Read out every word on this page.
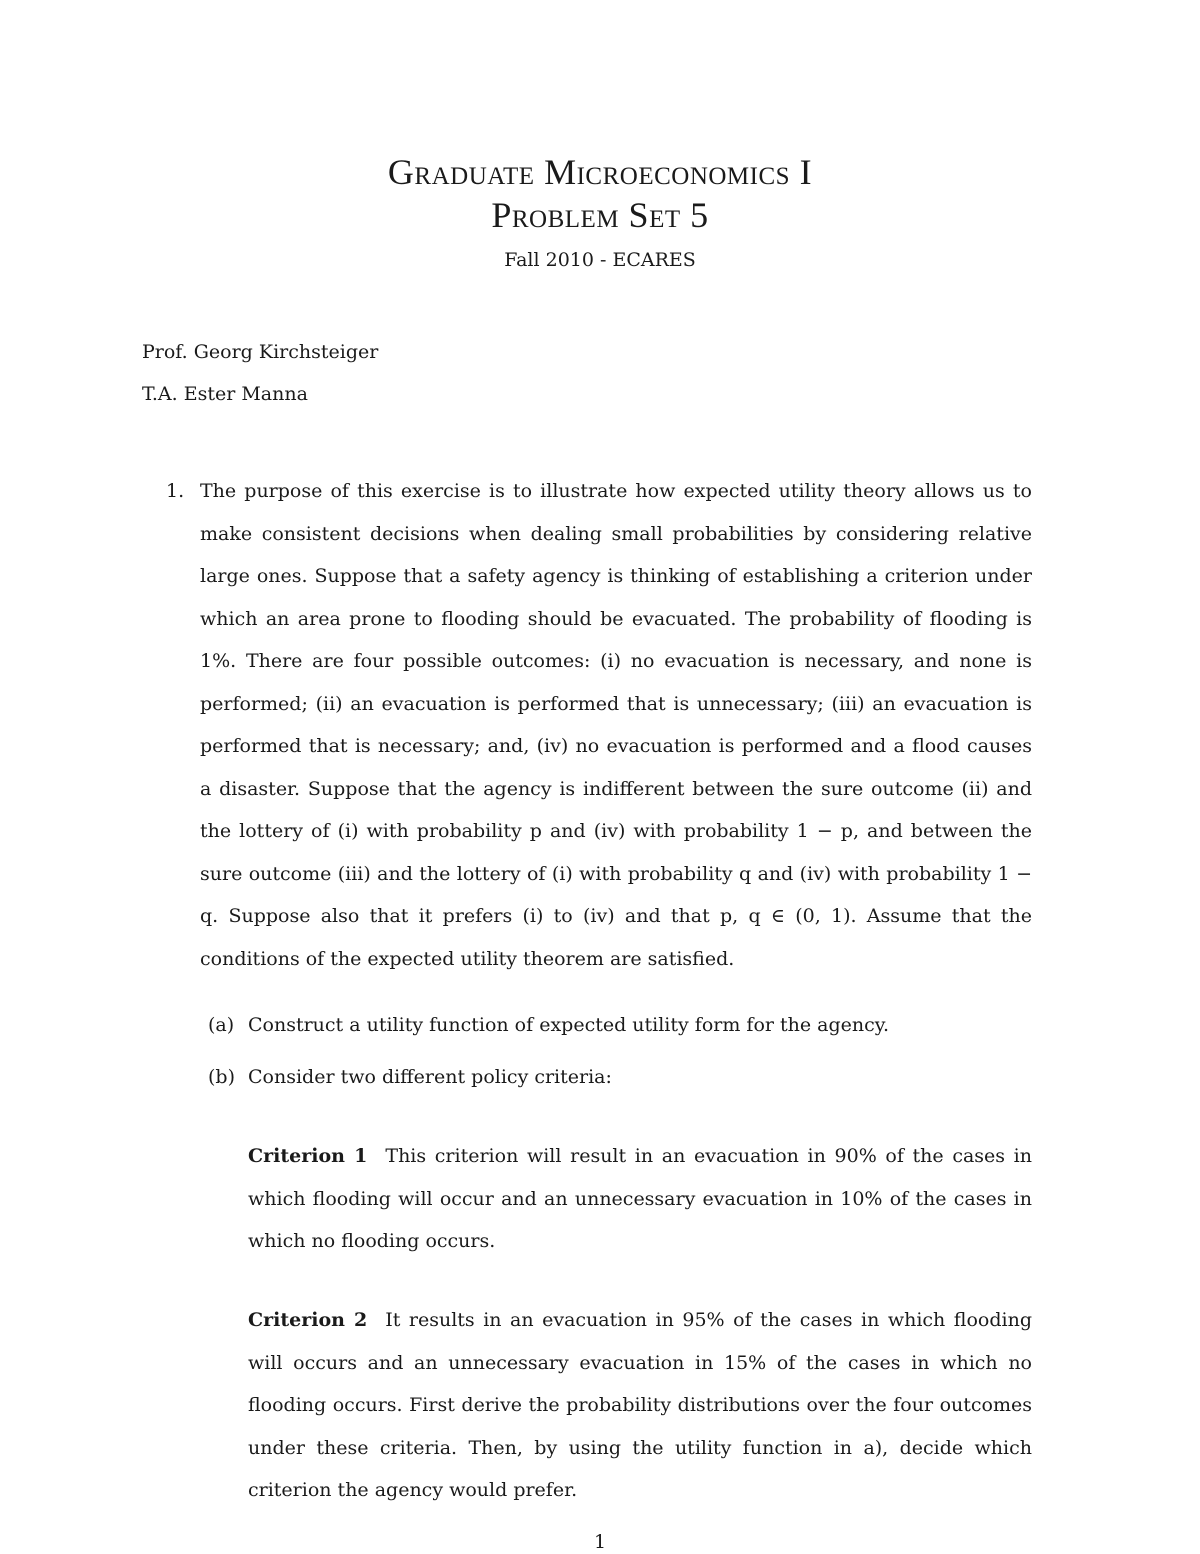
Graduate Microeconomics I
Problem Set 5
Fall 2010 - ECARES
Prof. Georg Kirchsteiger
T.A. Ester Manna
1. The purpose of this exercise is to illustrate how expected utility theory allows us to make consistent decisions when dealing small probabilities by considering relative large ones. Suppose that a safety agency is thinking of establishing a criterion under which an area prone to flooding should be evacuated. The probability of flooding is 1%. There are four possible outcomes: (i) no evacuation is necessary, and none is performed; (ii) an evacuation is performed that is unnecessary; (iii) an evacuation is performed that is necessary; and, (iv) no evacuation is performed and a flood causes a disaster. Suppose that the agency is indifferent between the sure outcome (ii) and the lottery of (i) with probability p and (iv) with probability 1 − p, and between the sure outcome (iii) and the lottery of (i) with probability q and (iv) with probability 1 − q. Suppose also that it prefers (i) to (iv) and that p, q ∈ (0, 1). Assume that the conditions of the expected utility theorem are satisfied.
(a) Construct a utility function of expected utility form for the agency.
(b) Consider two different policy criteria:
Criterion 1 This criterion will result in an evacuation in 90% of the cases in which flooding will occur and an unnecessary evacuation in 10% of the cases in which no flooding occurs.
Criterion 2 It results in an evacuation in 95% of the cases in which flooding will occurs and an unnecessary evacuation in 15% of the cases in which no flooding occurs. First derive the probability distributions over the four outcomes under these criteria. Then, by using the utility function in a), decide which criterion the agency would prefer.
1
